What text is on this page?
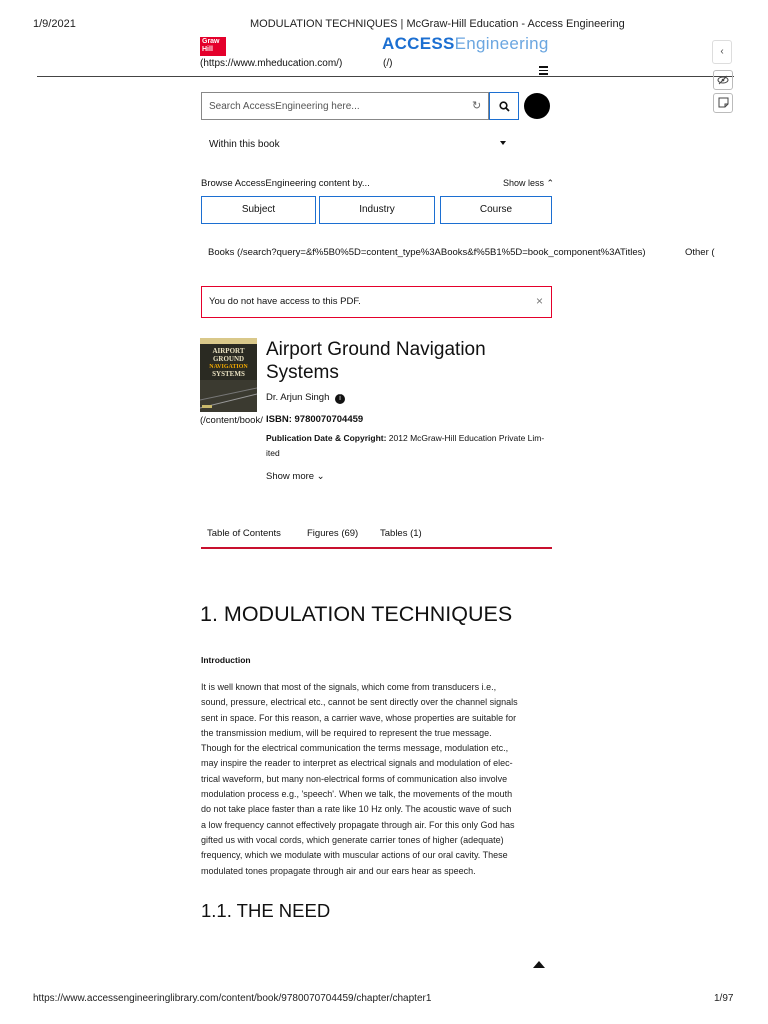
1/9/2021	MODULATION TECHNIQUES | McGraw-Hill Education - Access Engineering
Graw Hill
(https://www.mheducation.com/)
ACCESSEngineering
(/)
‹
Search AccessEngineering here...	↻
Within this book
Browse AccessEngineering content by...	Show less ⌃
Subject	Industry	Course
Books (/search?query=&f%5B0%5D=content_type%3ABooks&f%5B1%5D=book_component%3ATitles)	Other (
You do not have access to this PDF.	×
AIRPORT
GROUND
NAVIGATION
SYSTEMS
(/content/book/
Airport Ground Navigation
Systems
Dr. Arjun Singh i
ISBN: 9780070704459
Publication Date & Copyright: 2012 McGraw-Hill Education Private Lim-
ited
Show more ⌄
Table of Contents	Figures (69) Tables (1)
1. MODULATION TECHNIQUES
Introduction
It is well known that most of the signals, which come from transducers i.e.,
sound, pressure, electrical etc., cannot be sent directly over the channel signals
sent in space. For this reason, a carrier wave, whose properties are suitable for
the transmission medium, will be required to represent the true message.
Though for the electrical communication the terms message, modulation etc.,
may inspire the reader to interpret as electrical signals and modulation of elec-
trical waveform, but many non-electrical forms of communication also involve
modulation process e.g., 'speech'. When we talk, the movements of the mouth
do not take place faster than a rate like 10 Hz only. The acoustic wave of such
a low frequency cannot effectively propagate through air. For this only God has
gifted us with vocal cords, which generate carrier tones of higher (adequate)
frequency, which we modulate with muscular actions of our oral cavity. These
modulated tones propagate through air and our ears hear as speech.
1.1. THE NEED
https://www.accessengineeringlibrary.com/content/book/9780070704459/chapter/chapter1	1/97
